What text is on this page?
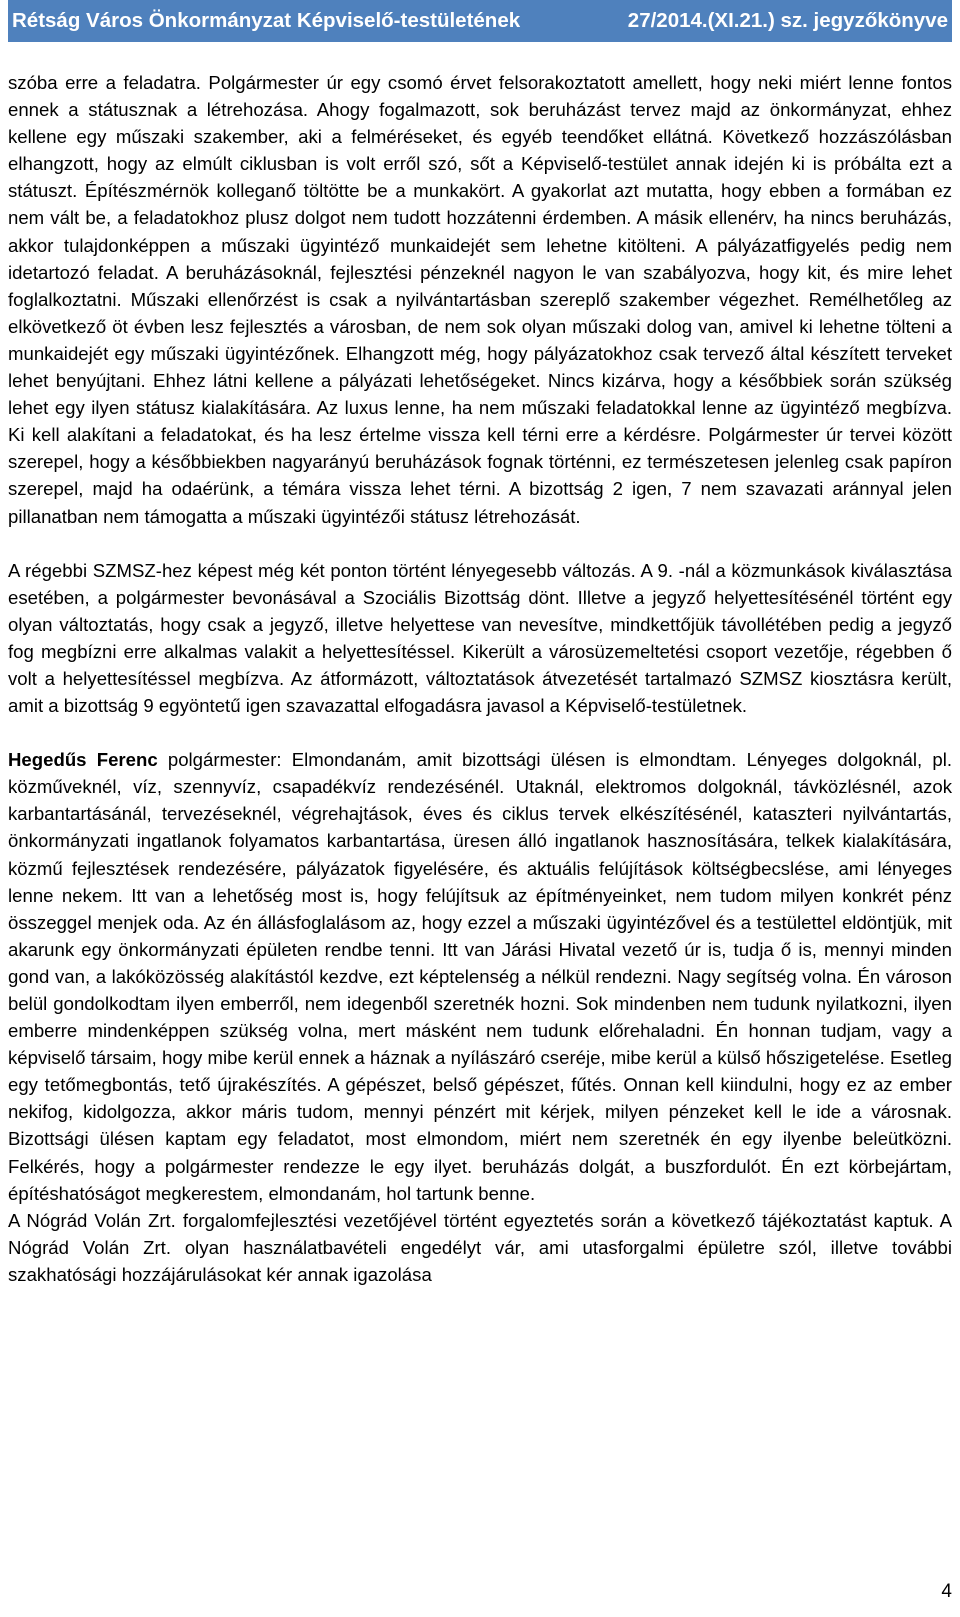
Rétság Város Önkormányzat Képviselő-testületének	27/2014.(XI.21.) sz. jegyzőkönyve

szóba erre a feladatra. Polgármester úr egy csomó érvet felsorakoztatott amellett, hogy neki miért lenne fontos ennek a státusznak a létrehozása. Ahogy fogalmazott, sok beruházást tervez majd az önkormányzat, ehhez kellene egy műszaki szakember, aki a felméréseket, és egyéb teendőket ellátná. Következő hozzászólásban elhangzott, hogy az elmúlt ciklusban is volt erről szó, sőt a Képviselő-testület annak idején ki is próbálta ezt a státuszt. Építészmérnök kolleganő töltötte be a munkakört. A gyakorlat azt mutatta, hogy ebben a formában ez nem vált be, a feladatokhoz plusz dolgot nem tudott hozzátenni érdemben. A másik ellenérv, ha nincs beruházás, akkor tulajdonképpen a műszaki ügyintéző munkaidejét sem lehetne kitölteni. A pályázatfigyelés pedig nem idetartozó feladat. A beruházásoknál, fejlesztési pénzeknél nagyon le van szabályozva, hogy kit, és mire lehet foglalkoztatni. Műszaki ellenőrzést is csak a nyilvántartásban szereplő szakember végezhet. Remélhetőleg az elkövetkező öt évben lesz fejlesztés a városban, de nem sok olyan műszaki dolog van, amivel ki lehetne tölteni a munkaidejét egy műszaki ügyintézőnek. Elhangzott még, hogy pályázatokhoz csak tervező által készített terveket lehet benyújtani. Ehhez látni kellene a pályázati lehetőségeket. Nincs kizárva, hogy a későbbiek során szükség lehet egy ilyen státusz kialakítására. Az luxus lenne, ha nem műszaki feladatokkal lenne az ügyintéző megbízva. Ki kell alakítani a feladatokat, és ha lesz értelme vissza kell térni erre a kérdésre. Polgármester úr tervei között szerepel, hogy a későbbiekben nagyarányú beruházások fognak történni, ez természetesen jelenleg csak papíron szerepel, majd ha odaérünk, a témára vissza lehet térni. A bizottság 2 igen, 7 nem szavazati aránnyal jelen pillanatban nem támogatta a műszaki ügyintézői státusz létrehozását.

A régebbi SZMSZ-hez képest még két ponton történt lényegesebb változás. A 9. -nál a közmunkások kiválasztása esetében, a polgármester bevonásával a Szociális Bizottság dönt. Illetve a jegyző helyettesítésénél történt egy olyan változtatás, hogy csak a jegyző, illetve helyettese van nevesítve, mindkettőjük távollétében pedig a jegyző fog megbízni erre alkalmas valakit a helyettesítéssel. Kikerült a városüzemeltetési csoport vezetője, régebben ő volt a helyettesítéssel megbízva. Az átformázott, változtatások átvezetését tartalmazó SZMSZ kiosztásra került, amit a bizottság 9 egyöntetű igen szavazattal elfogadásra javasol a Képviselő-testületnek.

Hegedűs Ferenc polgármester: Elmondanám, amit bizottsági ülésen is elmondtam. Lényeges dolgoknál, pl. közműveknél, víz, szennyvíz, csapadékvíz rendezésénél. Utaknál, elektromos dolgoknál, távközlésnél, azok karbantartásánál, tervezéseknél, végrehajtások, éves és ciklus tervek elkészítésénél, kataszteri nyilvántartás, önkormányzati ingatlanok folyamatos karbantartása, üresen álló ingatlanok hasznosítására, telkek kialakítására, közmű fejlesztések rendezésére, pályázatok figyelésére, és aktuális felújítások költségbecslése, ami lényeges lenne nekem. Itt van a lehetőség most is, hogy felújítsuk az építményeinket, nem tudom milyen konkrét pénz összeggel menjek oda. Az én állásfoglalásom az, hogy ezzel a műszaki ügyintézővel és a testülettel eldöntjük, mit akarunk egy önkormányzati épületen rendbe tenni. Itt van Járási Hivatal vezető úr is, tudja ő is, mennyi minden gond van, a lakóközösség alakítástól kezdve, ezt képtelenség a nélkül rendezni. Nagy segítség volna. Én városon belül gondolkodtam ilyen emberről, nem idegenből szeretnék hozni. Sok mindenben nem tudunk nyilatkozni, ilyen emberre mindenképpen szükség volna, mert másként nem tudunk előrehaladni. Én honnan tudjam, vagy a képviselő társaim, hogy mibe kerül ennek a háznak a nyílászáró cseréje, mibe kerül a külső hőszigetelése. Esetleg egy tetőmegbontás, tető újrakészítés. A gépészet, belső gépészet, fűtés. Onnan kell kiindulni, hogy ez az ember nekifog, kidolgozza, akkor máris tudom, mennyi pénzért mit kérjek, milyen pénzeket kell le ide a városnak. Bizottsági ülésen kaptam egy feladatot, most elmondom, miért nem szeretnék én egy ilyenbe beleütközni. Felkérés, hogy a polgármester rendezze le egy ilyet. beruházás dolgát, a buszfordulót. Én ezt körbejártam, építéshatóságot megkerestem, elmondanám, hol tartunk benne.

A Nógrád Volán Zrt. forgalomfejlesztési vezetőjével történt egyeztetés során a következő tájékoztatást kaptuk. A Nógrád Volán Zrt. olyan használatbavételi engedélyt vár, ami utasforgalmi épületre szól, illetve további szakhatósági hozzájárulásokat kér annak igazolása

4
